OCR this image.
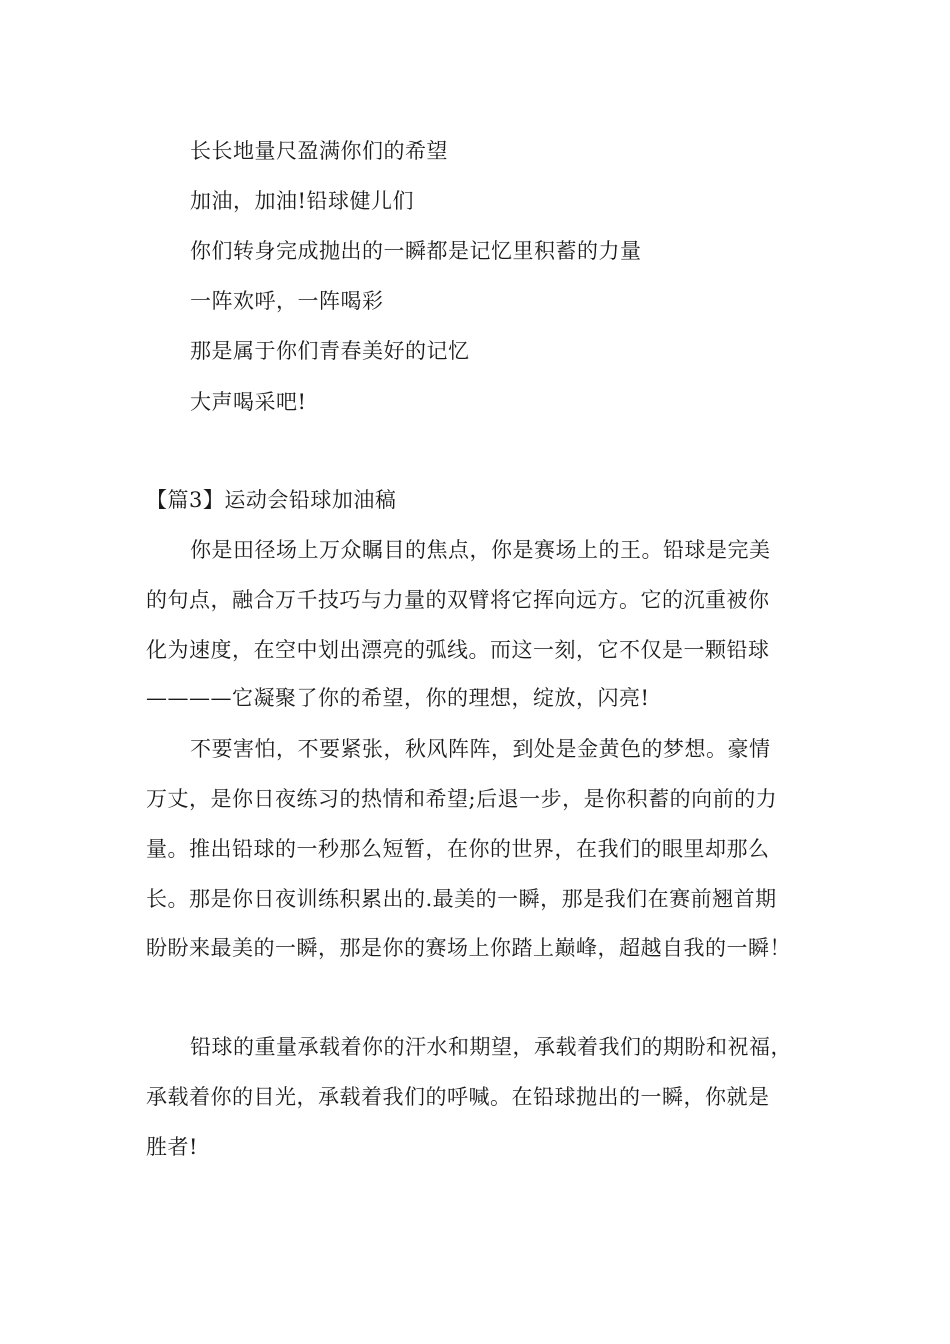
长长地量尺盈满你们的希望
加油，加油!铅球健儿们
你们转身完成抛出的一瞬都是记忆里积蓄的力量
一阵欢呼，一阵喝彩
那是属于你们青春美好的记忆
大声喝采吧!
【篇3】运动会铅球加油稿
你是田径场上万众瞩目的焦点，你是赛场上的王。铅球是完美
的句点，融合万千技巧与力量的双臂将它挥向远方。它的沉重被你
化为速度，在空中划出漂亮的弧线。而这一刻，它不仅是一颗铅球
————它凝聚了你的希望，你的理想，绽放，闪亮!
不要害怕，不要紧张，秋风阵阵，到处是金黄色的梦想。豪情
万丈，是你日夜练习的热情和希望;后退一步，是你积蓄的向前的力
量。推出铅球的一秒那么短暂，在你的世界，在我们的眼里却那么
长。那是你日夜训练积累出的.最美的一瞬，那是我们在赛前翘首期
盼盼来最美的一瞬，那是你的赛场上你踏上巅峰，超越自我的一瞬！
铅球的重量承载着你的汗水和期望，承载着我们的期盼和祝福，
承载着你的目光，承载着我们的呼喊。在铅球抛出的一瞬，你就是
胜者!
